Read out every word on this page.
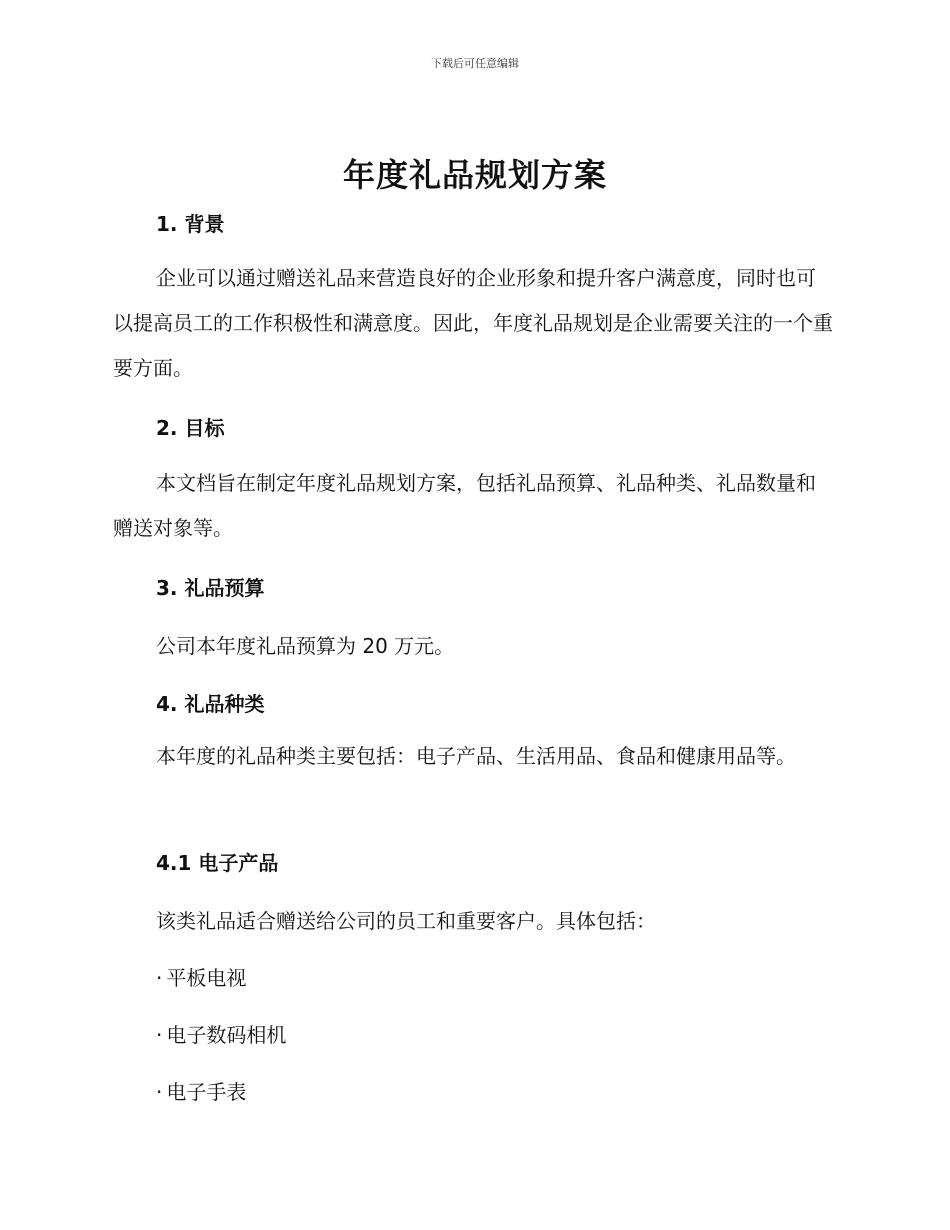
下载后可任意编辑
年度礼品规划方案
1. 背景

企业可以通过赠送礼品来营造良好的企业形象和提升客户满意度，同时也可以提高员工的工作积极性和满意度。因此，年度礼品规划是企业需要关注的一个重要方面。

2. 目标

本文档旨在制定年度礼品规划方案，包括礼品预算、礼品种类、礼品数量和赠送对象等。

3. 礼品预算

公司本年度礼品预算为 20 万元。

4. 礼品种类

本年度的礼品种类主要包括：电子产品、生活用品、食品和健康用品等。

4.1 电子产品

该类礼品适合赠送给公司的员工和重要客户。具体包括：

· 平板电视
· 电子数码相机
· 电子手表
